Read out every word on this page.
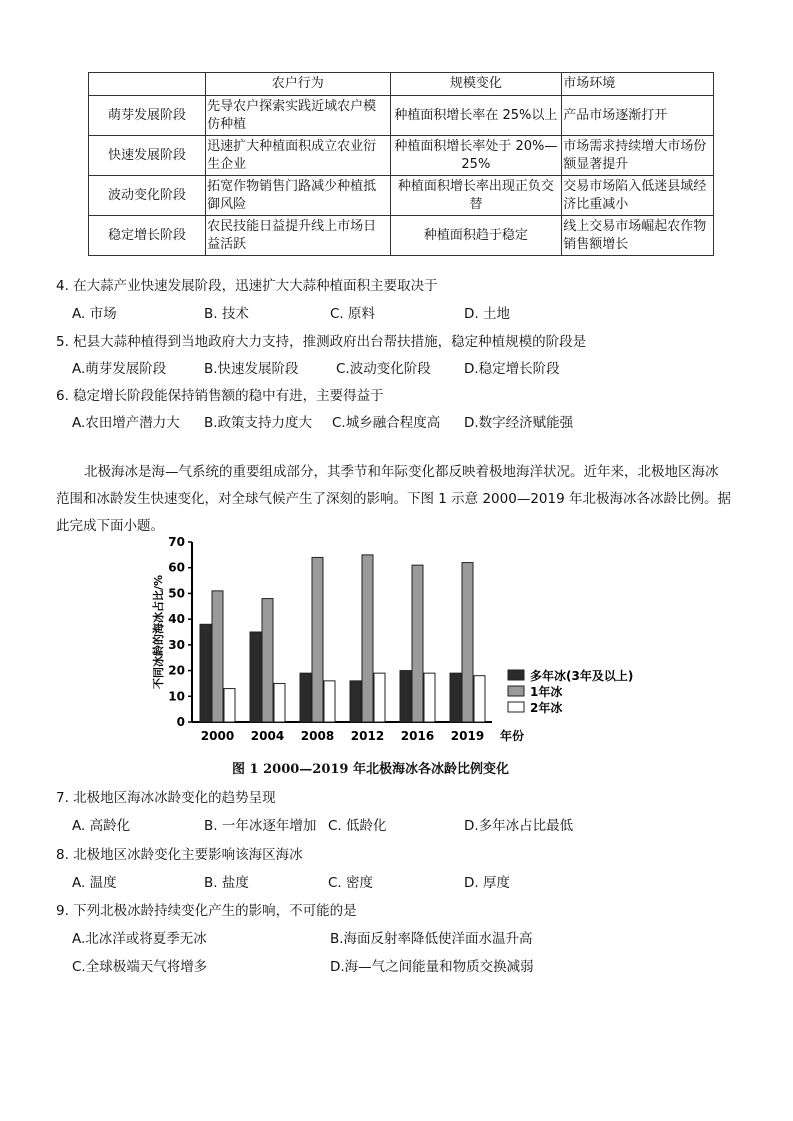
	农户行为	规模变化	市场环境
萌芽发展阶段	先导农户探索实践近域农户模仿种植	种植面积增长率在 25%以上	产品市场逐渐打开
快速发展阶段	迅速扩大种植面积成立农业衍生企业	种植面积增长率处于 20%—25%	市场需求持续增大市场份额显著提升
波动变化阶段	拓宽作物销售门路减少种植抵御风险	种植面积增长率出现正负交替	交易市场陷入低迷县域经济比重减小
稳定增长阶段	农民技能日益提升线上市场日益活跃	种植面积趋于稳定	线上交易市场崛起农作物销售额增长
4. 在大蒜产业快速发展阶段，迅速扩大大蒜种植面积主要取决于
A. 市场	B. 技术	C. 原料	D. 土地
5. 杞县大蒜种植得到当地政府大力支持，推测政府出台帮扶措施，稳定种植规模的阶段是
A.萌芽发展阶段	B.快速发展阶段	C.波动变化阶段 D.稳定增长阶段
6. 稳定增长阶段能保持销售额的稳中有进，主要得益于
A.农田增产潜力大 B.政策支持力度大 C.城乡融合程度高 D.数字经济赋能强
北极海冰是海—气系统的重要组成部分，其季节和年际变化都反映着极地海洋状况。近年来，北极地区海冰
范围和冰龄发生快速变化，对全球气候产生了深刻的影响。下图 1 示意 2000—2019 年北极海冰各冰龄比例。据
此完成下面小题。
0
10
20
30
40
50
60
70
不同冰龄的海冰占比/%
2000 2004 2008 2012 2016 2019 年份
多年冰(3年及以上)
1年冰
2年冰
图 1 2000—2019 年北极海冰各冰龄比例变化
7. 北极地区海冰冰龄变化的趋势呈现
A. 高龄化	B. 一年冰逐年增加 C. 低龄化	D.多年冰占比最低
8. 北极地区冰龄变化主要影响该海区海冰
A. 温度	B. 盐度	C. 密度	D. 厚度
9. 下列北极冰龄持续变化产生的影响，不可能的是
A.北冰洋或将夏季无冰	B.海面反射率降低使洋面水温升高
C.全球极端天气将增多	D.海—气之间能量和物质交换减弱
